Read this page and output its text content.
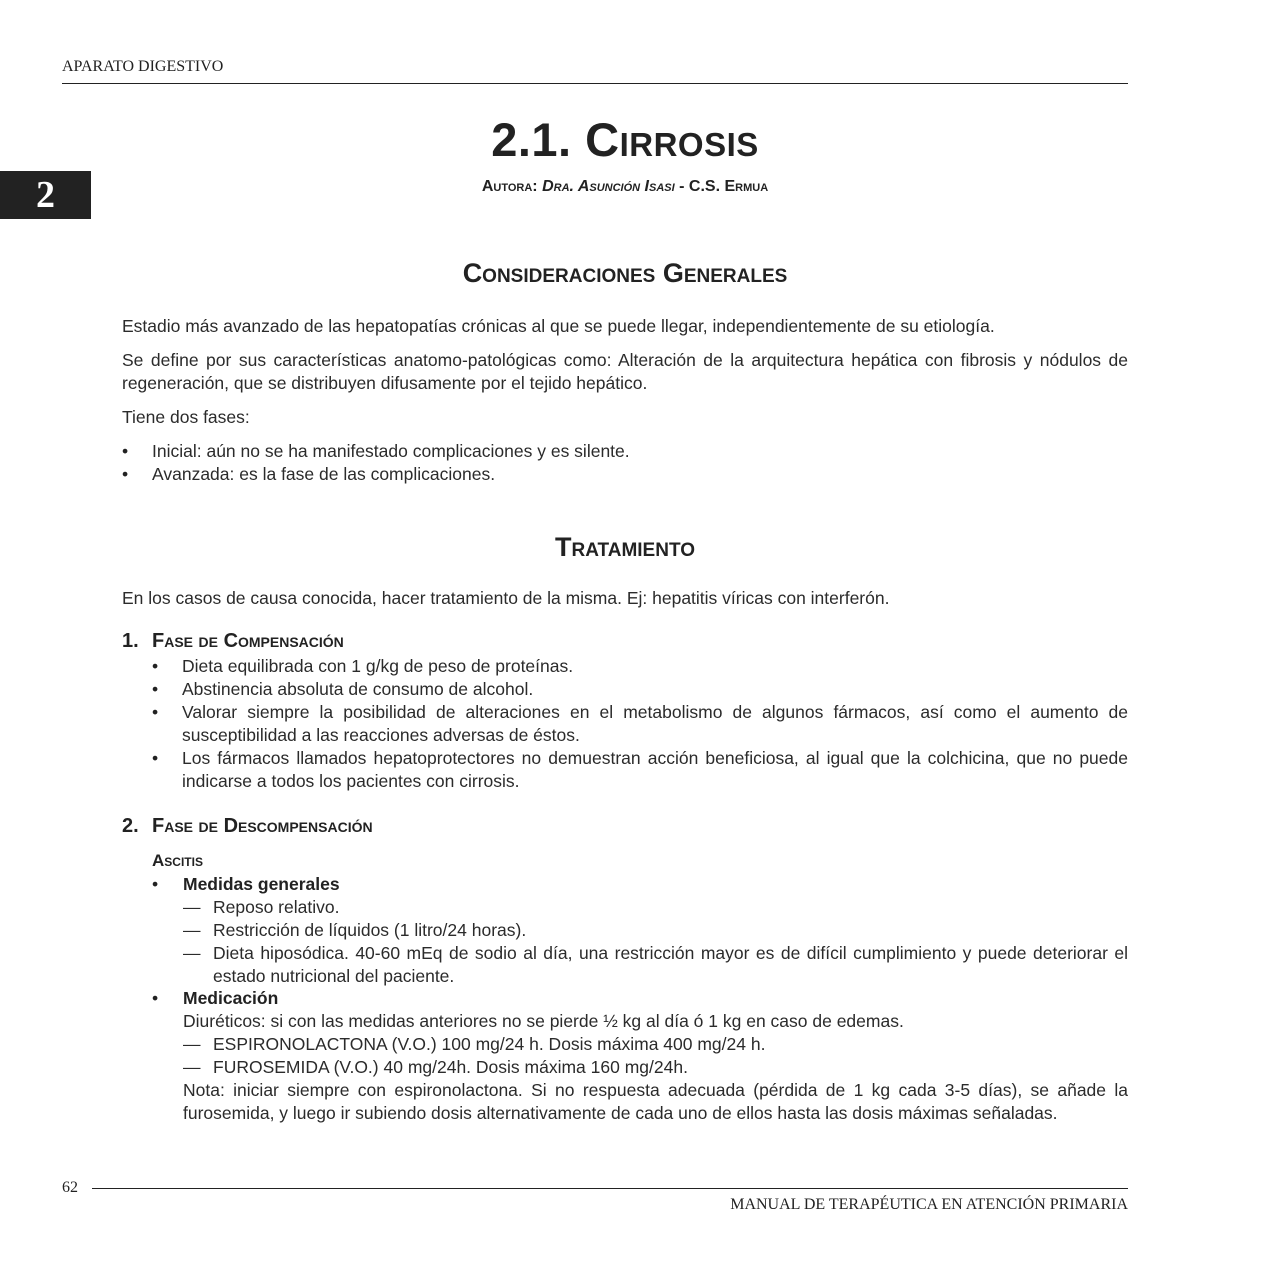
APARATO DIGESTIVO
2
2.1. Cirrosis
Autora: Dra. Asunción Isasi - C.S. Ermua
Consideraciones Generales

Estadio más avanzado de las hepatopatías crónicas al que se puede llegar, independientemente de su etiología.

Se define por sus características anatomo-patológicas como: Alteración de la arquitectura hepática con fibrosis y nódulos de regeneración, que se distribuyen difusamente por el tejido hepático.

Tiene dos fases:

• Inicial: aún no se ha manifestado complicaciones y es silente.
• Avanzada: es la fase de las complicaciones.
Tratamiento

En los casos de causa conocida, hacer tratamiento de la misma. Ej: hepatitis víricas con interferón.

1. Fase de Compensación
• Dieta equilibrada con 1 g/kg de peso de proteínas.
• Abstinencia absoluta de consumo de alcohol.
• Valorar siempre la posibilidad de alteraciones en el metabolismo de algunos fármacos, así como el aumento de susceptibilidad a las reacciones adversas de éstos.
• Los fármacos llamados hepatoprotectores no demuestran acción beneficiosa, al igual que la colchicina, que no puede indicarse a todos los pacientes con cirrosis.
2. Fase de Descompensación
Ascitis
• Medidas generales
— Reposo relativo.
— Restricción de líquidos (1 litro/24 horas).
— Dieta hiposódica. 40-60 mEq de sodio al día, una restricción mayor es de difícil cumplimiento y puede deteriorar el estado nutricional del paciente.
• Medicación

Diuréticos: si con las medidas anteriores no se pierde ½ kg al día ó 1 kg en caso de edemas.

— ESPIRONOLACTONA (V.O.) 100 mg/24 h. Dosis máxima 400 mg/24 h.
— FUROSEMIDA (V.O.) 40 mg/24h. Dosis máxima 160 mg/24h.

Nota: iniciar siempre con espironolactona. Si no respuesta adecuada (pérdida de 1 kg cada 3-5 días), se añade la furosemida, y luego ir subiendo dosis alternativamente de cada uno de ellos hasta las dosis máximas señaladas.

62
MANUAL DE TERAPÉUTICA EN ATENCIÓN PRIMARIA
